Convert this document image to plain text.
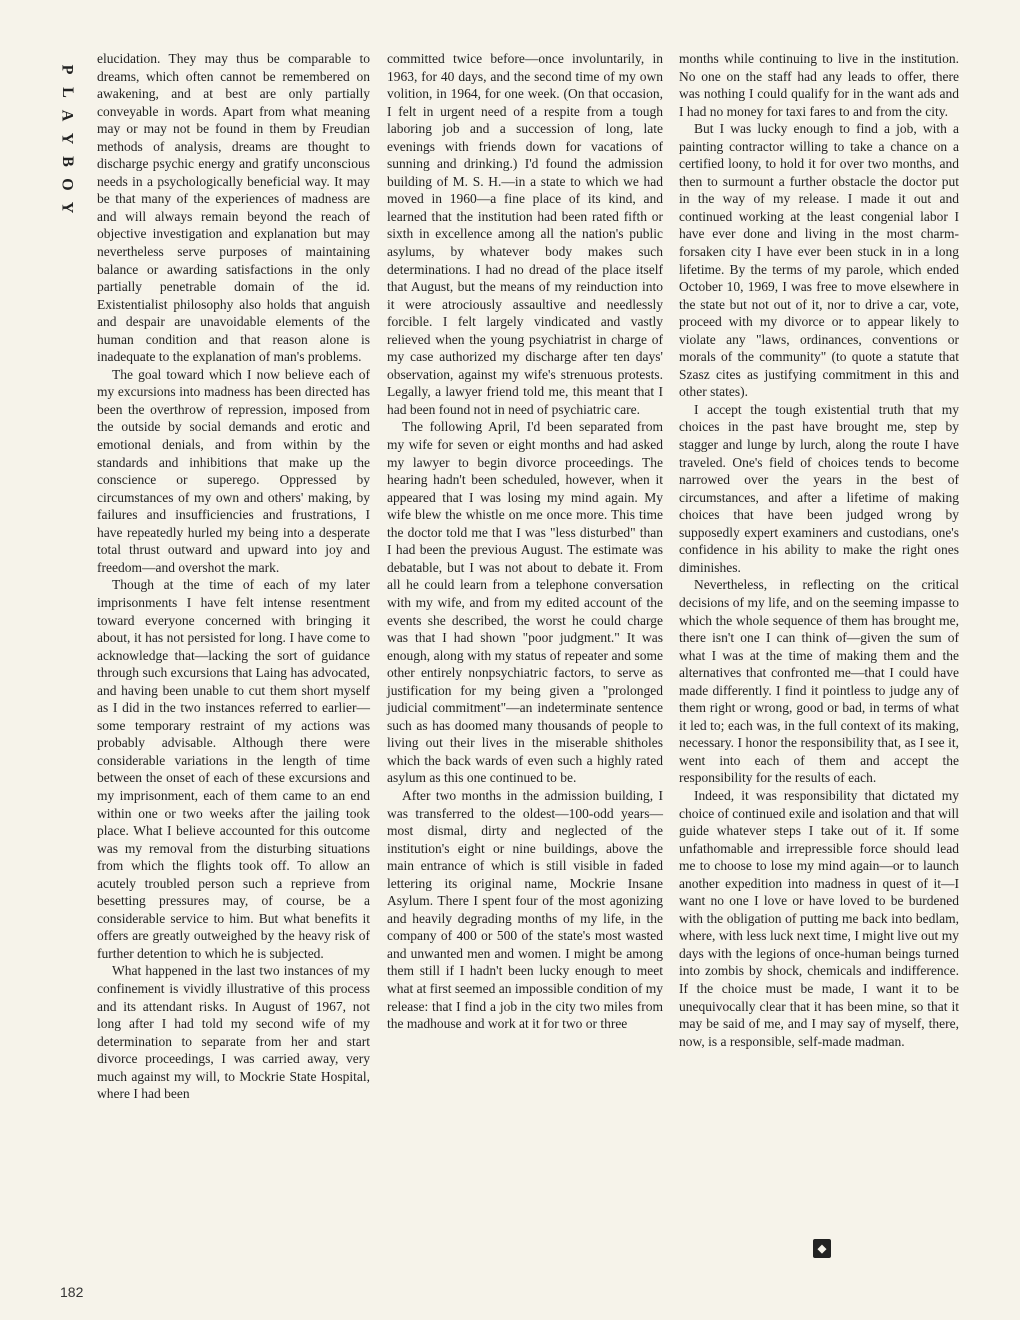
P
L
A
Y
B
O
Y

elucidation. They may thus be comparable to dreams, which often cannot be remembered on awakening, and at best are only partially conveyable in words. Apart from what meaning may or may not be found in them by Freudian methods of analysis, dreams are thought to discharge psychic energy and gratify unconscious needs in a psychologically beneficial way. It may be that many of the experiences of madness are and will always remain beyond the reach of objective investigation and explanation but may nevertheless serve purposes of maintaining balance or awarding satisfactions in the only partially penetrable domain of the id. Existentialist philosophy also holds that anguish and despair are unavoidable elements of the human condition and that reason alone is inadequate to the explanation of man's problems.

The goal toward which I now believe each of my excursions into madness has been directed has been the overthrow of repression, imposed from the outside by social demands and erotic and emotional denials, and from within by the standards and inhibitions that make up the conscience or superego. Oppressed by circumstances of my own and others' making, by failures and insufficiencies and frustrations, I have repeatedly hurled my being into a desperate total thrust outward and upward into joy and freedom—and overshot the mark.

Though at the time of each of my later imprisonments I have felt intense resentment toward everyone concerned with bringing it about, it has not persisted for long. I have come to acknowledge that—lacking the sort of guidance through such excursions that Laing has advocated, and having been unable to cut them short myself as I did in the two instances referred to earlier—some temporary restraint of my actions was probably advisable. Although there were considerable variations in the length of time between the onset of each of these excursions and my imprisonment, each of them came to an end within one or two weeks after the jailing took place. What I believe accounted for this outcome was my removal from the disturbing situations from which the flights took off. To allow an acutely troubled person such a reprieve from besetting pressures may, of course, be a considerable service to him. But what benefits it offers are greatly outweighed by the heavy risk of further detention to which he is subjected.

What happened in the last two instances of my confinement is vividly illustrative of this process and its attendant risks. In August of 1967, not long after I had told my second wife of my determination to separate from her and start divorce proceedings, I was carried away, very much against my will, to Mockrie State Hospital, where I had been

committed twice before—once involuntarily, in 1963, for 40 days, and the second time of my own volition, in 1964, for one week. (On that occasion, I felt in urgent need of a respite from a tough laboring job and a succession of long, late evenings with friends down for vacations of sunning and drinking.) I'd found the admission building of M. S. H.—in a state to which we had moved in 1960—a fine place of its kind, and learned that the institution had been rated fifth or sixth in excellence among all the nation's public asylums, by whatever body makes such determinations. I had no dread of the place itself that August, but the means of my reinduction into it were atrociously assaultive and needlessly forcible. I felt largely vindicated and vastly relieved when the young psychiatrist in charge of my case authorized my discharge after ten days' observation, against my wife's strenuous protests. Legally, a lawyer friend told me, this meant that I had been found not in need of psychiatric care.

The following April, I'd been separated from my wife for seven or eight months and had asked my lawyer to begin divorce proceedings. The hearing hadn't been scheduled, however, when it appeared that I was losing my mind again. My wife blew the whistle on me once more. This time the doctor told me that I was "less disturbed" than I had been the previous August. The estimate was debatable, but I was not about to debate it. From all he could learn from a telephone conversation with my wife, and from my edited account of the events she described, the worst he could charge was that I had shown "poor judgment." It was enough, along with my status of repeater and some other entirely nonpsychiatric factors, to serve as justification for my being given a "prolonged judicial commitment"—an indeterminate sentence such as has doomed many thousands of people to living out their lives in the miserable shitholes which the back wards of even such a highly rated asylum as this one continued to be.

After two months in the admission building, I was transferred to the oldest—100-odd years—most dismal, dirty and neglected of the institution's eight or nine buildings, above the main entrance of which is still visible in faded lettering its original name, Mockrie Insane Asylum. There I spent four of the most agonizing and heavily degrading months of my life, in the company of 400 or 500 of the state's most wasted and unwanted men and women. I might be among them still if I hadn't been lucky enough to meet what at first seemed an impossible condition of my release: that I find a job in the city two miles from the madhouse and work at it for two or three

months while continuing to live in the institution. No one on the staff had any leads to offer, there was nothing I could qualify for in the want ads and I had no money for taxi fares to and from the city.

But I was lucky enough to find a job, with a painting contractor willing to take a chance on a certified loony, to hold it for over two months, and then to surmount a further obstacle the doctor put in the way of my release. I made it out and continued working at the least congenial labor I have ever done and living in the most charm-forsaken city I have ever been stuck in in a long lifetime. By the terms of my parole, which ended October 10, 1969, I was free to move elsewhere in the state but not out of it, nor to drive a car, vote, proceed with my divorce or to appear likely to violate any "laws, ordinances, conventions or morals of the community" (to quote a statute that Szasz cites as justifying commitment in this and other states).

I accept the tough existential truth that my choices in the past have brought me, step by stagger and lunge by lurch, along the route I have traveled. One's field of choices tends to become narrowed over the years in the best of circumstances, and after a lifetime of making choices that have been judged wrong by supposedly expert examiners and custodians, one's confidence in his ability to make the right ones diminishes.

Nevertheless, in reflecting on the critical decisions of my life, and on the seeming impasse to which the whole sequence of them has brought me, there isn't one I can think of—given the sum of what I was at the time of making them and the alternatives that confronted me—that I could have made differently. I find it pointless to judge any of them right or wrong, good or bad, in terms of what it led to; each was, in the full context of its making, necessary. I honor the responsibility that, as I see it, went into each of them and accept the responsibility for the results of each.

Indeed, it was responsibility that dictated my choice of continued exile and isolation and that will guide whatever steps I take out of it. If some unfathomable and irrepressible force should lead me to choose to lose my mind again—or to launch another expedition into madness in quest of it—I want no one I love or have loved to be burdened with the obligation of putting me back into bedlam, where, with less luck next time, I might live out my days with the legions of once-human beings turned into zombis by shock, chemicals and indifference. If the choice must be made, I want it to be unequivocally clear that it has been mine, so that it may be said of me, and I may say of myself, there, now, is a responsible, self-made madman.

182
◆
